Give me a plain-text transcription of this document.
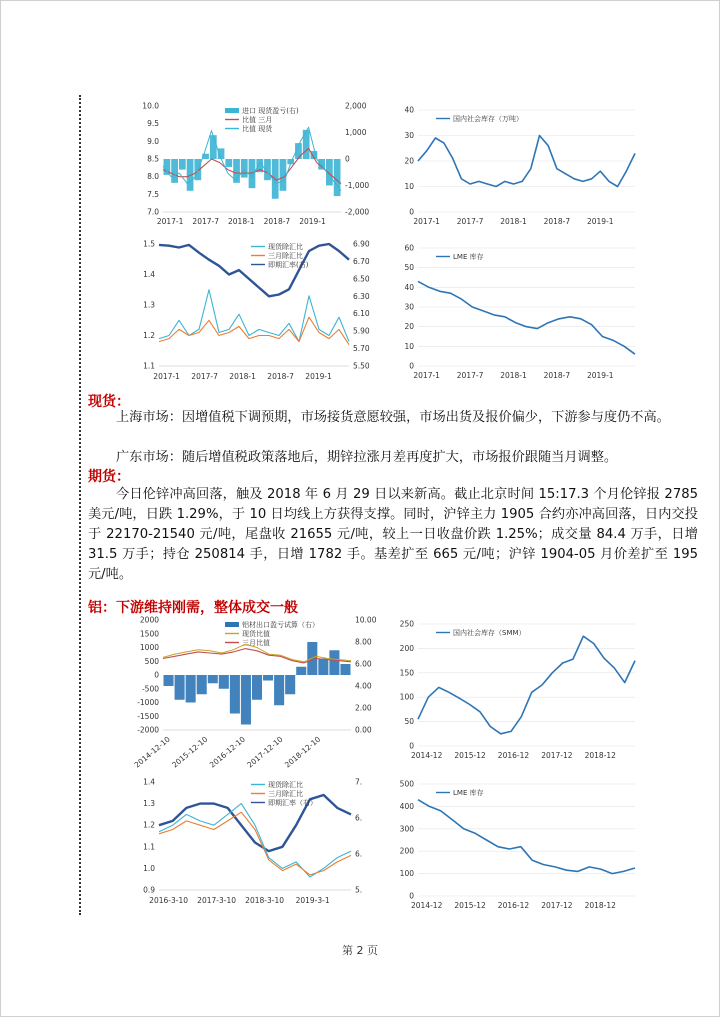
10.0
9.5
9.0
8.5
8.0
7.5
7.0
2,000
1,000
0
-1,000
-2,000
2017-1 2017-7 2018-1 2018-7 2019-1
进口 现货盈亏(右)
比值 三月
比值 现货
40
30
20
10
0
2017-1 2017-7 2018-1 2018-7 2019-1
国内社会库存（万吨）
1.5
1.4
1.3
1.2
1.1
6.90
6.70
6.50
6.30
6.10
5.90
5.70
5.50
2017-1 2017-7 2018-1 2018-7 2019-1
现货除汇比
三月除汇比
即期汇率(右)
60
50
40
30
20
10
0
2017-1 2017-7 2018-1 2018-7 2019-1
LME 库存
现货：
上海市场：因增值税下调预期，市场接货意愿较强，市场出货及报价偏少，下游参与度仍不高。
广东市场：随后增值税政策落地后，期锌拉涨月差再度扩大，市场报价跟随当月调整。
期货：
今日伦锌冲高回落，触及 2018 年 6 月 29 日以来新高。截止北京时间 15:17.3 个月伦锌报 2785 美元/吨，日跌 1.29%，于 10 日均线上方获得支撑。同时，沪锌主力 1905 合约亦冲高回落，日内交投于 22170-21540 元/吨，尾盘收 21655 元/吨，较上一日收盘价跌 1.25%；成交量 84.4 万手，日增 31.5 万手；持仓 250814 手，日增 1782 手。基差扩至 665 元/吨；沪锌 1904-05 月价差扩至 195 元/吨。
铝：下游维持刚需，整体成交一般
2000
1500
1000
500
0
-500
-1000
-1500
-2000
10.00
8.00
6.00
4.00
2.00
0.00
2014-12-10
2015-12-10
2016-12-10
2017-12-10
2018-12-10
铝材出口盈亏试算（右）
现货比值
三月比值
250
200
150
100
50
0
2014-12 2015-12 2016-12 2017-12 2018-12
国内社会库存（SMM）
1.4
1.3
1.2
1.1
1.0
0.9
7.
6.
6.
5.
2016-3-10 2017-3-10 2018-3-10 2019-3-1
现货除汇比
三月除汇比
即期汇率（右）
500
400
300
200
100
0
2014-12 2015-12 2016-12 2017-12 2018-12
LME 库存
第 2 页
